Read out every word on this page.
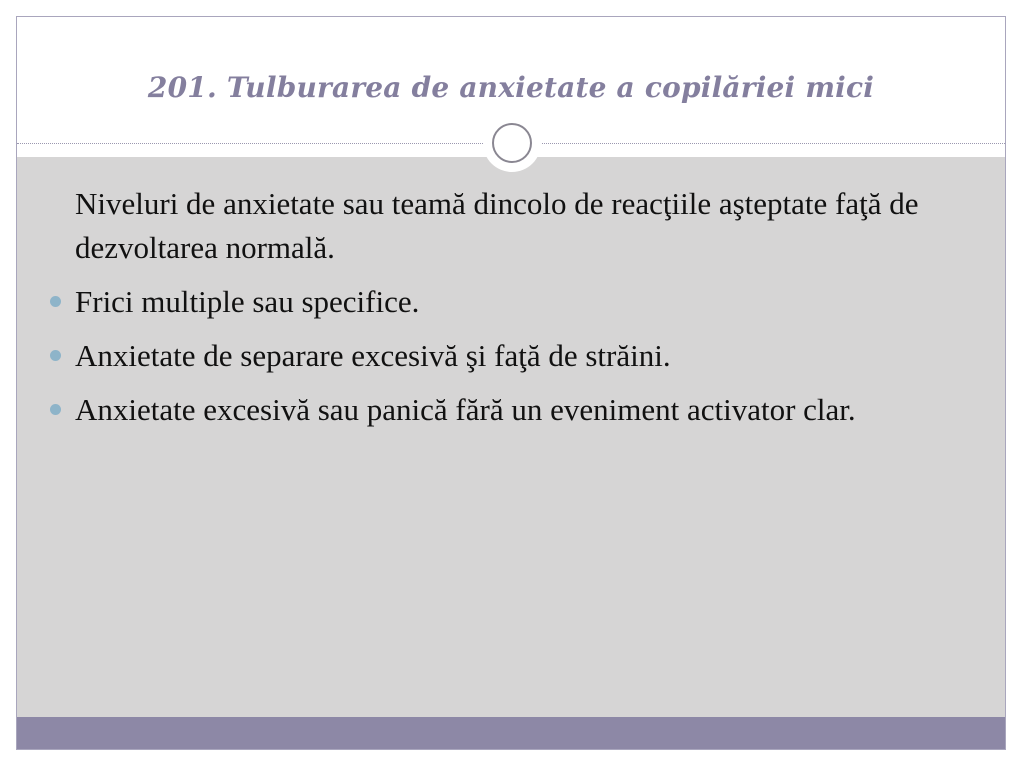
201. Tulburarea de anxietate a copilăriei mici
Niveluri de anxietate sau teamă dincolo de reacţiile aşteptate faţă de dezvoltarea normală.
Frici multiple sau specifice.
Anxietate de separare excesivă şi faţă de străini.
Anxietate excesivă sau panică fără un eveniment activator clar.
